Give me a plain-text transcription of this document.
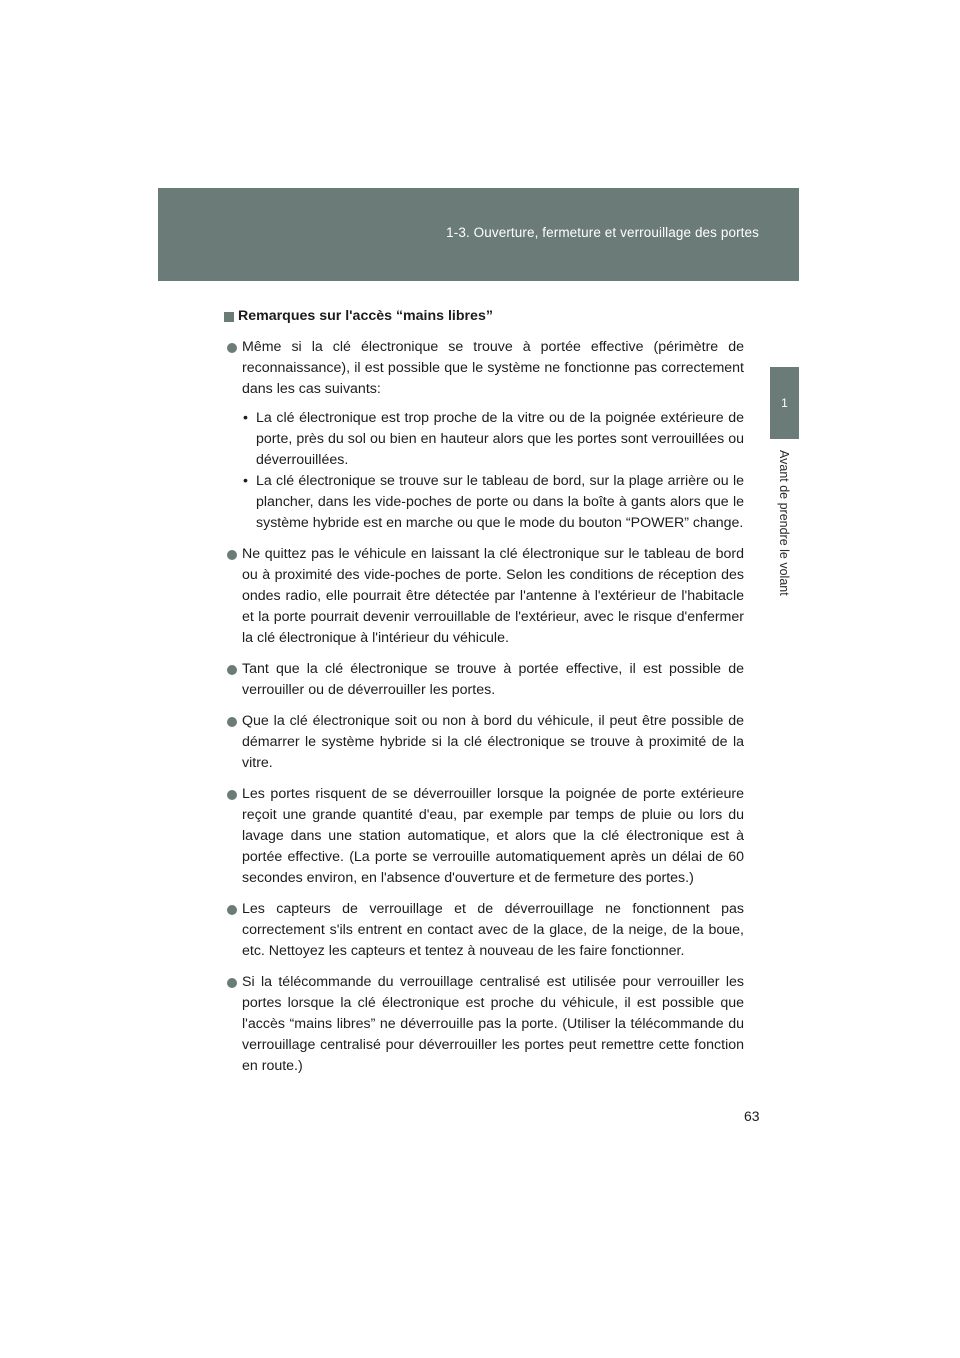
1-3. Ouverture, fermeture et verrouillage des portes
1
Avant de prendre le volant
Remarques sur l'accès “mains libres”
Même si la clé électronique se trouve à portée effective (périmètre de reconnaissance), il est possible que le système ne fonctionne pas correctement dans les cas suivants:
• La clé électronique est trop proche de la vitre ou de la poignée extérieure de porte, près du sol ou bien en hauteur alors que les portes sont verrouillées ou déverrouillées.
• La clé électronique se trouve sur le tableau de bord, sur la plage arrière ou le plancher, dans les vide-poches de porte ou dans la boîte à gants alors que le système hybride est en marche ou que le mode du bouton “POWER” change.
Ne quittez pas le véhicule en laissant la clé électronique sur le tableau de bord ou à proximité des vide-poches de porte. Selon les conditions de réception des ondes radio, elle pourrait être détectée par l'antenne à l'extérieur de l'habitacle et la porte pourrait devenir verrouillable de l'extérieur, avec le risque d'enfermer la clé électronique à l'intérieur du véhicule.
Tant que la clé électronique se trouve à portée effective, il est possible de verrouiller ou de déverrouiller les portes.
Que la clé électronique soit ou non à bord du véhicule, il peut être possible de démarrer le système hybride si la clé électronique se trouve à proximité de la vitre.
Les portes risquent de se déverrouiller lorsque la poignée de porte extérieure reçoit une grande quantité d'eau, par exemple par temps de pluie ou lors du lavage dans une station automatique, et alors que la clé électronique est à portée effective. (La porte se verrouille automatiquement après un délai de 60 secondes environ, en l'absence d'ouverture et de fermeture des portes.)
Les capteurs de verrouillage et de déverrouillage ne fonctionnent pas correctement s'ils entrent en contact avec de la glace, de la neige, de la boue, etc. Nettoyez les capteurs et tentez à nouveau de les faire fonctionner.
Si la télécommande du verrouillage centralisé est utilisée pour verrouiller les portes lorsque la clé électronique est proche du véhicule, il est possible que l'accès “mains libres” ne déverrouille pas la porte. (Utiliser la télécommande du verrouillage centralisé pour déverrouiller les portes peut remettre cette fonction en route.)
63
